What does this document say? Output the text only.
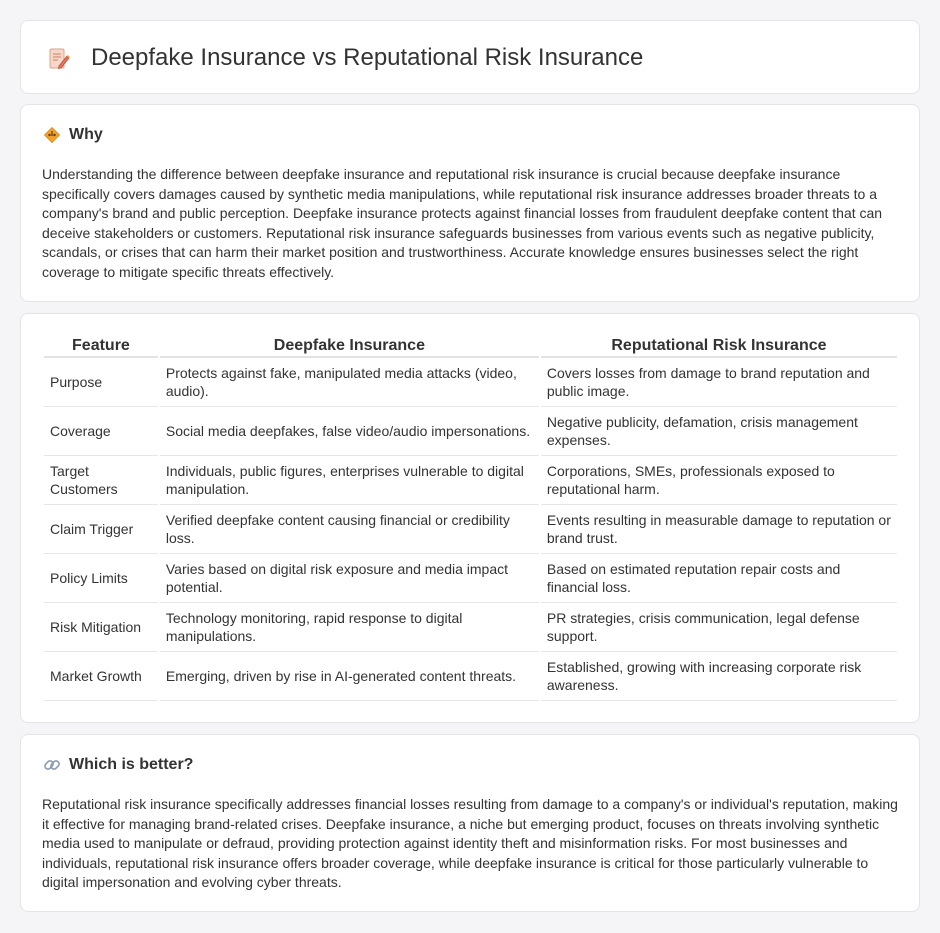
Deepfake Insurance vs Reputational Risk Insurance
Why

Understanding the difference between deepfake insurance and reputational risk insurance is crucial because deepfake insurance specifically covers damages caused by synthetic media manipulations, while reputational risk insurance addresses broader threats to a company's brand and public perception. Deepfake insurance protects against financial losses from fraudulent deepfake content that can deceive stakeholders or customers. Reputational risk insurance safeguards businesses from various events such as negative publicity, scandals, or crises that can harm their market position and trustworthiness. Accurate knowledge ensures businesses select the right coverage to mitigate specific threats effectively.

Feature	Deepfake Insurance	Reputational Risk Insurance
Purpose	Protects against fake, manipulated media attacks (video, audio).	Covers losses from damage to brand reputation and public image.
Coverage	Social media deepfakes, false video/audio impersonations.	Negative publicity, defamation, crisis management expenses.
Target Customers	Individuals, public figures, enterprises vulnerable to digital manipulation.	Corporations, SMEs, professionals exposed to reputational harm.
Claim Trigger	Verified deepfake content causing financial or credibility loss.	Events resulting in measurable damage to reputation or brand trust.
Policy Limits	Varies based on digital risk exposure and media impact potential.	Based on estimated reputation repair costs and financial loss.
Risk Mitigation	Technology monitoring, rapid response to digital manipulations.	PR strategies, crisis communication, legal defense support.
Market Growth	Emerging, driven by rise in AI-generated content threats.	Established, growing with increasing corporate risk awareness.
Which is better?

Reputational risk insurance specifically addresses financial losses resulting from damage to a company's or individual's reputation, making it effective for managing brand-related crises. Deepfake insurance, a niche but emerging product, focuses on threats involving synthetic media used to manipulate or defraud, providing protection against identity theft and misinformation risks. For most businesses and individuals, reputational risk insurance offers broader coverage, while deepfake insurance is critical for those particularly vulnerable to digital impersonation and evolving cyber threats.
